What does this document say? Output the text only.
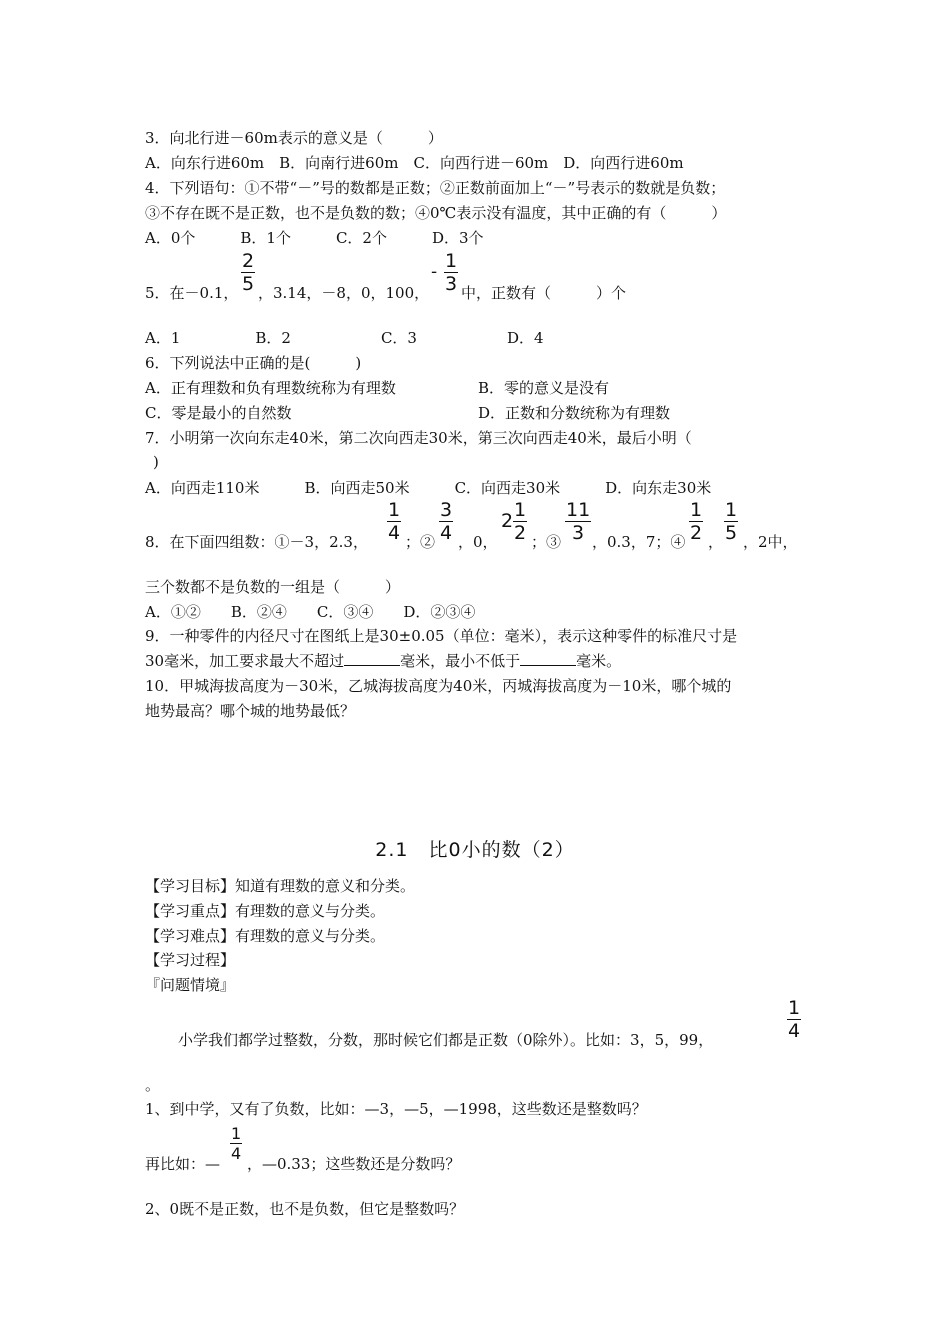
3．向北行进－60m表示的意义是（　　　）
A．向东行进60m　B．向南行进60m　C．向西行进－60m　D．向西行进60m
4．下列语句：①不带“－”号的数都是正数；②正数前面加上“－”号表示的数就是负数；
③不存在既不是正数，也不是负数的数；④0℃表示没有温度，其中正确的有（　　　）
A．0个　　　B．1个　　　C．2个　　　D．3个
5．在－0.1， $\frac{2}{5}$ ，3.14，－8，0，100，
- $\frac{1}{3}$ 中，正数有（　　　）个
A．1　　　　　B．2　　　　　　C．3　　　　　　D．4
6．下列说法中正确的是(　　　)
A．正有理数和负有理数统称为有理数	B．零的意义是没有
C．零是最小的自然数	D．正数和分数统称为有理数
7．小明第一次向东走40米，第二次向西走30米，第三次向西走40米，最后小明（
)
A．向西走110米　　　B．向西走50米　　　C．向西走30米　　　D．向东走30米
8．在下面四组数：①－3，2.3， $\frac{1}{4}$ ；② $\frac{3}{4}$ ，0，
$2 \frac{1}{2}$ ；③ $\frac{11}{3}$ ，0.3，7；④ $\frac{1}{2}$ ， $\frac{1}{5}$ ，2中，
三个数都不是负数的一组是（　　　）
A．①②　　B．②④　　C．③④　　D．②③④
9．一种零件的内径尺寸在图纸上是30±0.05（单位：毫米），表示这种零件的标准尺寸是
30毫米，加工要求最大不超过	毫米，最小不低于	毫米。
10．甲城海拔高度为－30米，乙城海拔高度为40米，丙城海拔高度为－10米，哪个城的
地势最高？哪个城的地势最低？
2.1　比0小的数（2）
【学习目标】知道有理数的意义和分类。
【学习重点】有理数的意义与分类。
【学习难点】有理数的意义与分类。
【学习过程】
『问题情境』
小学我们都学过整数，分数，那时候它们都是正数（0除外）。比如：3，5，99，	$\frac{1}{4}$
。
1、到中学，又有了负数，比如：—3，—5，—1998，这些数还是整数吗？
再比如：—
$\frac{1}{4}$
，—0.33；这些数还是分数吗？
2、0既不是正数，也不是负数，但它是整数吗？
